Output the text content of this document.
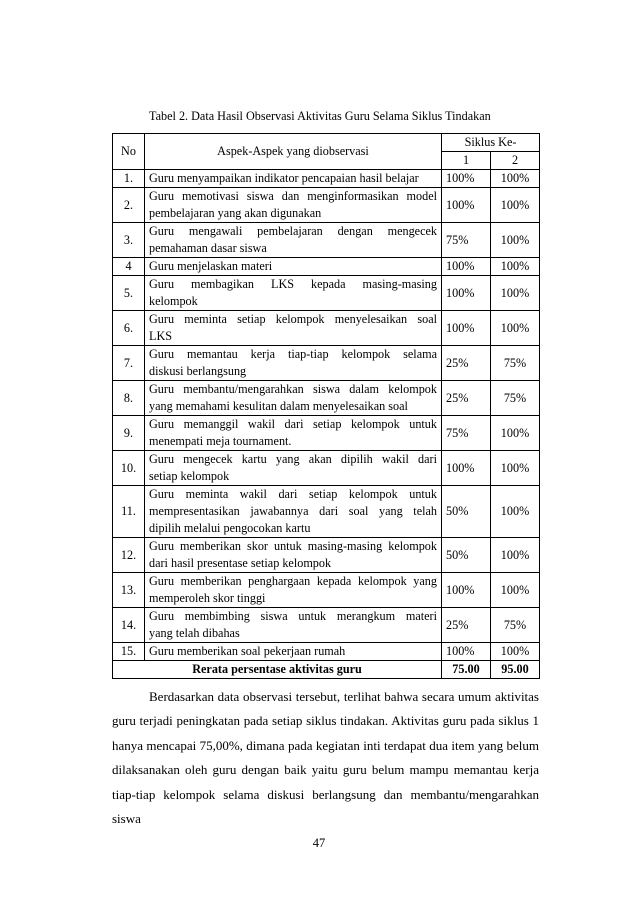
Tabel 2. Data Hasil Observasi Aktivitas Guru Selama Siklus Tindakan
No	Aspek-Aspek yang diobservasi	Siklus Ke-	
		1	2
1.	Guru menyampaikan indikator pencapaian hasil belajar	100%	100%
2.	Guru memotivasi siswa dan menginformasikan model
pembelajaran yang akan digunakan	100%	100%
3.	Guru mengawali pembelajaran dengan mengecek
pemahaman dasar siswa	75%	100%
4	Guru menjelaskan materi	100%	100%
5.	Guru membagikan LKS kepada masing-masing
kelompok	100%	100%
6.	Guru meminta setiap kelompok menyelesaikan soal
LKS	100%	100%
7.	Guru memantau kerja tiap-tiap kelompok selama
diskusi berlangsung	25%	75%
8.	Guru membantu/mengarahkan siswa dalam kelompok
yang memahami kesulitan dalam menyelesaikan soal	25%	75%
9.	Guru memanggil wakil dari setiap kelompok untuk
menempati meja tournament.	75%	100%
10.	Guru mengecek kartu yang akan dipilih wakil dari
setiap kelompok	100%	100%
11.	Guru meminta wakil dari setiap kelompok untuk
mempresentasikan jawabannya dari soal yang telah
dipilih melalui pengocokan kartu	50%	100%
12.	Guru memberikan skor untuk masing-masing kelompok
dari hasil presentase setiap kelompok	50%	100%
13.	Guru memberikan penghargaan kepada kelompok yang
memperoleh skor tinggi	100%	100%
14.	Guru membimbing siswa untuk merangkum materi
yang telah dibahas	25%	75%
15.	Guru memberikan soal pekerjaan rumah	100%	100%
Rerata persentase aktivitas guru		75.00	95.00

Berdasarkan data observasi tersebut, terlihat bahwa secara umum aktivitas guru terjadi peningkatan pada setiap siklus tindakan. Aktivitas guru pada siklus 1 hanya mencapai 75,00%, dimana pada kegiatan inti terdapat dua item yang belum dilaksanakan oleh guru dengan baik yaitu guru belum mampu memantau kerja tiap-tiap kelompok selama diskusi berlangsung dan membantu/mengarahkan siswa

47
